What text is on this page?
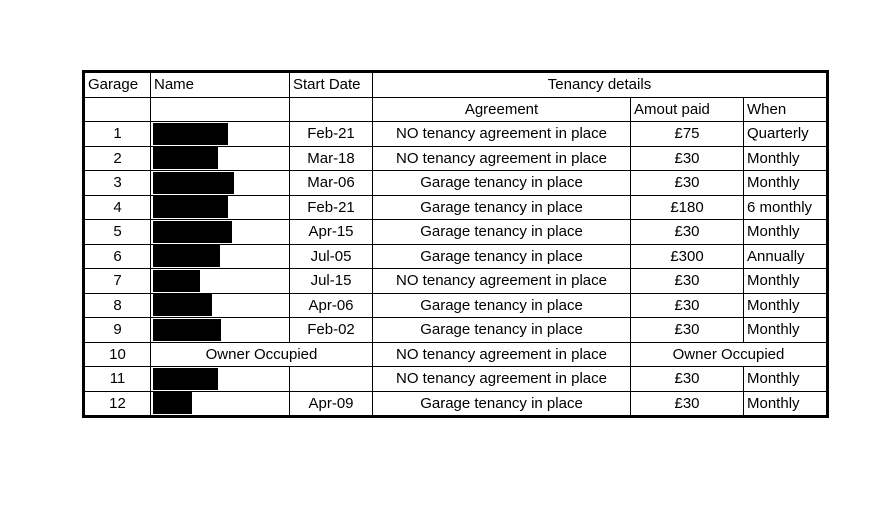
Garage	Name	Start Date	Tenancy details		
			Agreement	Amout paid	When
1		Feb-21	NO tenancy agreement in place	£75	Quarterly
2		Mar-18	NO tenancy agreement in place	£30	Monthly
3		Mar-06	Garage tenancy in place	£30	Monthly
4		Feb-21	Garage tenancy in place	£180	6 monthly
5		Apr-15	Garage tenancy in place	£30	Monthly
6		Jul-05	Garage tenancy in place	£300	Annually
7		Jul-15	NO tenancy agreement in place	£30	Monthly
8		Apr-06	Garage tenancy in place	£30	Monthly
9		Feb-02	Garage tenancy in place	£30	Monthly
10	Owner Occupied		NO tenancy agreement in place	Owner Occupied	
11			NO tenancy agreement in place	£30	Monthly
12		Apr-09	Garage tenancy in place	£30	Monthly
